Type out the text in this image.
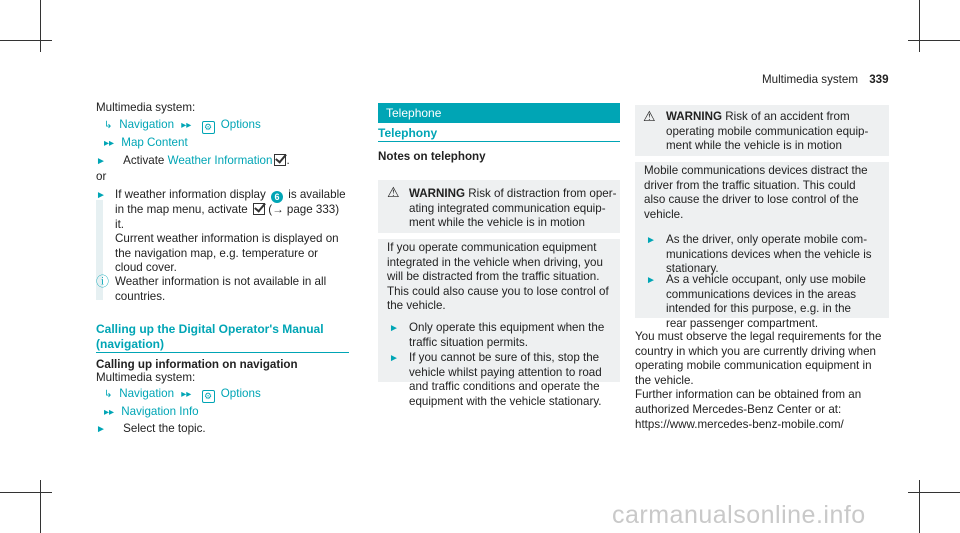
Multimedia system 339
Multimedia system:
↳ Navigation ▸▸ ⚙ Options
▸▸ Map Content
► Activate Weather Information .
or
► If weather information display 6 is available
in the map menu, activate  (→ page 333)
it.
Current weather information is displayed on
the navigation map, e.g. temperature or
cloud cover.
ⓘ Weather information is not available in all
countries.
Calling up the Digital Operator's Manual
(navigation)
Calling up information on navigation
Multimedia system:
↳ Navigation ▸▸ ⚙ Options
▸▸ Navigation Info
► Select the topic.
Telephone
Telephony
Notes on telephony
⚠ WARNING Risk of distraction from oper-
ating integrated communication equip-
ment while the vehicle is in motion
If you operate communication equipment
integrated in the vehicle when driving, you
will be distracted from the traffic situation.
This could also cause you to lose control of
the vehicle.
► Only operate this equipment when the
traffic situation permits.
⚠ WARNING Risk of an accident from
operating mobile communication equip-
ment while the vehicle is in motion
Mobile communications devices distract the
driver from the traffic situation. This could
also cause the driver to lose control of the
vehicle.
► As the driver, only operate mobile com-
munications devices when the vehicle is
stationary.
► As a vehicle occupant, only use mobile
communications devices in the areas
intended for this purpose, e.g. in the
rear passenger compartment.
You must observe the legal requirements for the
country in which you are currently driving when
operating mobile communication equipment in
the vehicle.
Further information can be obtained from an
authorized Mercedes-Benz Center or at:
https://www.mercedes-benz-mobile.com/
carmanualsonline.info
► If you cannot be sure of this, stop the
vehicle whilst paying attention to road
and traffic conditions and operate the
equipment with the vehicle stationary.
